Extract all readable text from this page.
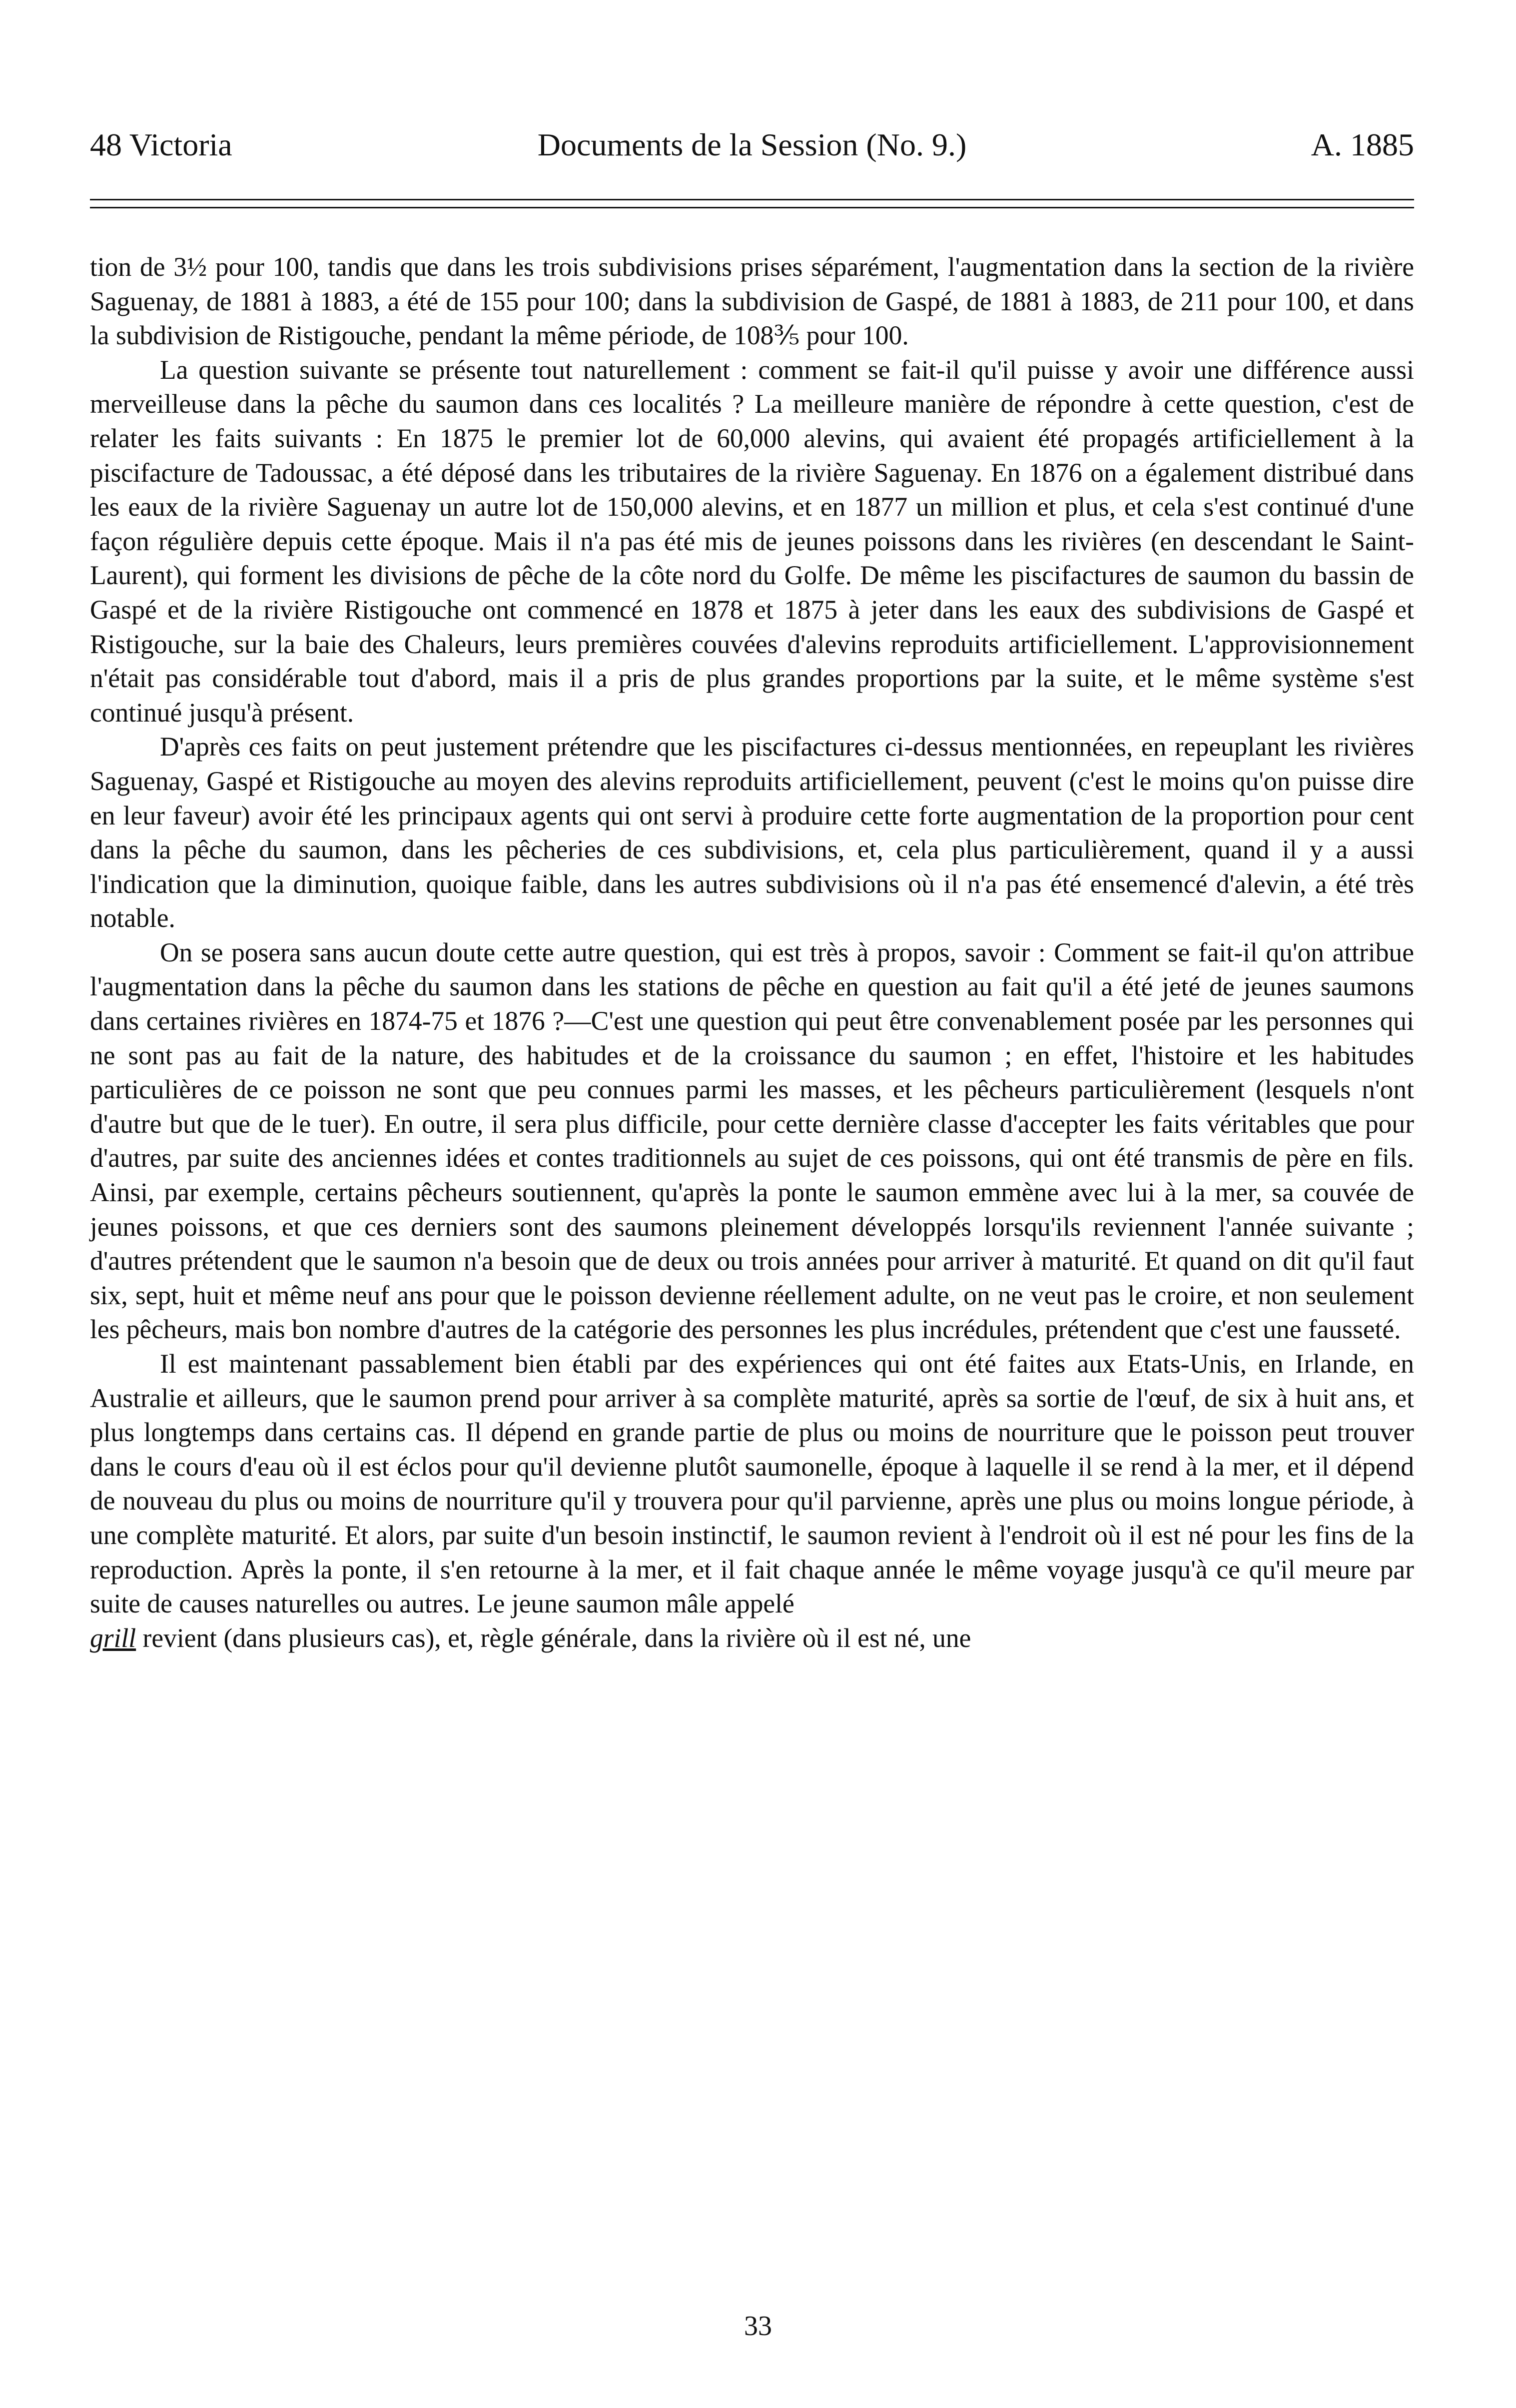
48 Victoria	Documents de la Session (No. 9.)	A. 1885

tion de 3½ pour 100, tandis que dans les trois subdivisions prises séparément, l'augmentation dans la section de la rivière Saguenay, de 1881 à 1883, a été de 155 pour 100; dans la subdivision de Gaspé, de 1881 à 1883, de 211 pour 100, et dans la subdivision de Ristigouche, pendant la même période, de 108⅗ pour 100.

La question suivante se présente tout naturellement : comment se fait-il qu'il puisse y avoir une différence aussi merveilleuse dans la pêche du saumon dans ces localités ? La meilleure manière de répondre à cette question, c'est de relater les faits suivants : En 1875 le premier lot de 60,000 alevins, qui avaient été propagés artificiellement à la piscifacture de Tadoussac, a été déposé dans les tributaires de la rivière Saguenay. En 1876 on a également distribué dans les eaux de la rivière Saguenay un autre lot de 150,000 alevins, et en 1877 un million et plus, et cela s'est continué d'une façon régulière depuis cette époque. Mais il n'a pas été mis de jeunes poissons dans les rivières (en descendant le Saint-Laurent), qui forment les divisions de pêche de la côte nord du Golfe. De même les piscifactures de saumon du bassin de Gaspé et de la rivière Ristigouche ont commencé en 1878 et 1875 à jeter dans les eaux des subdivisions de Gaspé et Ristigouche, sur la baie des Chaleurs, leurs premières couvées d'alevins reproduits artificiellement. L'approvisionnement n'était pas considérable tout d'abord, mais il a pris de plus grandes proportions par la suite, et le même système s'est continué jusqu'à présent.

D'après ces faits on peut justement prétendre que les piscifactures ci-dessus mentionnées, en repeuplant les rivières Saguenay, Gaspé et Ristigouche au moyen des alevins reproduits artificiellement, peuvent (c'est le moins qu'on puisse dire en leur faveur) avoir été les principaux agents qui ont servi à produire cette forte augmentation de la proportion pour cent dans la pêche du saumon, dans les pêcheries de ces subdivisions, et, cela plus particulièrement, quand il y a aussi l'indication que la diminution, quoique faible, dans les autres subdivisions où il n'a pas été ensemencé d'alevin, a été très notable.

On se posera sans aucun doute cette autre question, qui est très à propos, savoir : Comment se fait-il qu'on attribue l'augmentation dans la pêche du saumon dans les stations de pêche en question au fait qu'il a été jeté de jeunes saumons dans certaines rivières en 1874-75 et 1876 ?—C'est une question qui peut être convenablement posée par les personnes qui ne sont pas au fait de la nature, des habitudes et de la croissance du saumon ; en effet, l'histoire et les habitudes particulières de ce poisson ne sont que peu connues parmi les masses, et les pêcheurs particulièrement (lesquels n'ont d'autre but que de le tuer). En outre, il sera plus difficile, pour cette dernière classe d'accepter les faits véritables que pour d'autres, par suite des anciennes idées et contes traditionnels au sujet de ces poissons, qui ont été transmis de père en fils. Ainsi, par exemple, certains pêcheurs soutiennent, qu'après la ponte le saumon emmène avec lui à la mer, sa couvée de jeunes poissons, et que ces derniers sont des saumons pleinement développés lorsqu'ils reviennent l'année suivante ; d'autres prétendent que le saumon n'a besoin que de deux ou trois années pour arriver à maturité. Et quand on dit qu'il faut six, sept, huit et même neuf ans pour que le poisson devienne réellement adulte, on ne veut pas le croire, et non seulement les pêcheurs, mais bon nombre d'autres de la catégorie des personnes les plus incrédules, prétendent que c'est une fausseté.

Il est maintenant passablement bien établi par des expériences qui ont été faites aux Etats-Unis, en Irlande, en Australie et ailleurs, que le saumon prend pour arriver à sa complète maturité, après sa sortie de l'œuf, de six à huit ans, et plus longtemps dans certains cas. Il dépend en grande partie de plus ou moins de nourriture que le poisson peut trouver dans le cours d'eau où il est éclos pour qu'il devienne plutôt saumonelle, époque à laquelle il se rend à la mer, et il dépend de nouveau du plus ou moins de nourriture qu'il y trouvera pour qu'il parvienne, après une plus ou moins longue période, à une complète maturité. Et alors, par suite d'un besoin instinctif, le saumon revient à l'endroit où il est né pour les fins de la reproduction. Après la ponte, il s'en retourne à la mer, et il fait chaque année le même voyage jusqu'à ce qu'il meure par suite de causes naturelles ou autres. Le jeune saumon mâle appelé

grill revient (dans plusieurs cas), et, règle générale, dans la rivière où il est né, une

33
